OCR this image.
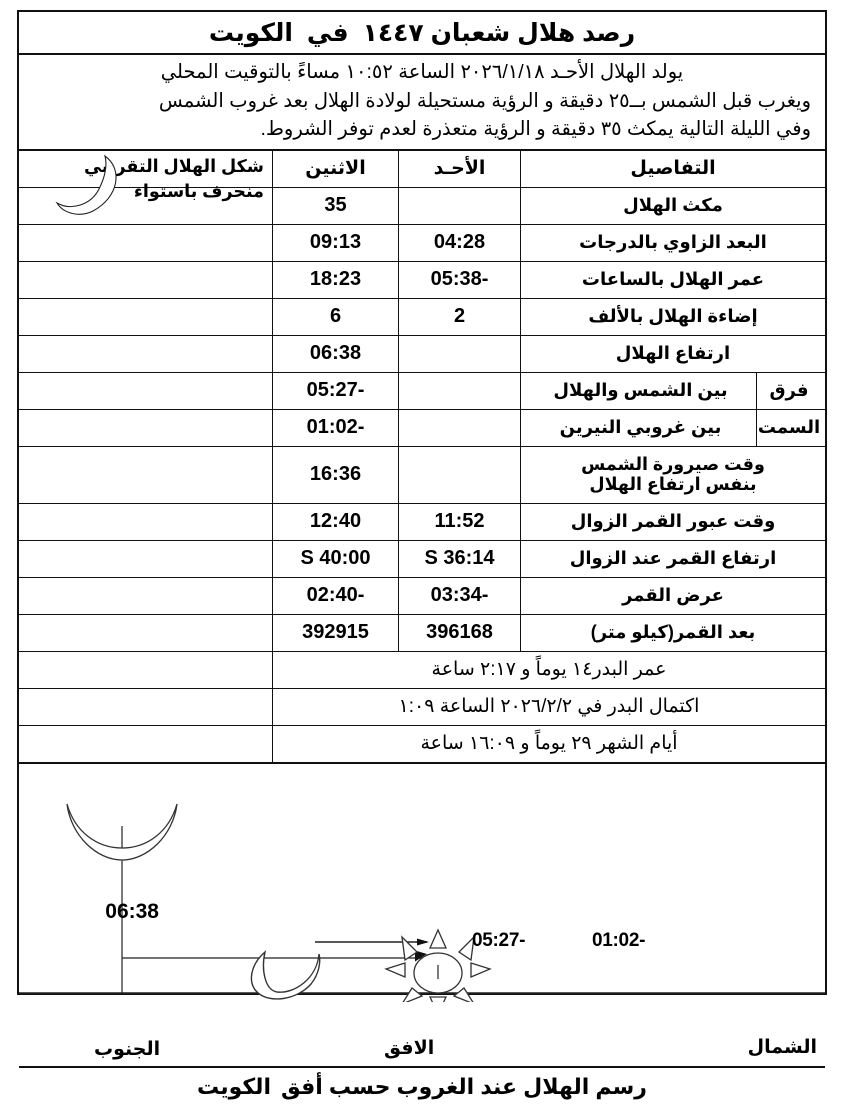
رصد هلال شعبان ١٤٤٧
في
الكويت
يولد الهلال الأحـد ٢٠٢٦/١/١٨ الساعة ١٠:٥٢ مساءً بالتوقيت المحلي
ويغرب قبل الشمس بــ٢٥ دقيقة و الرؤية مستحيلة لولادة الهلال بعد غروب الشمس
وفي الليلة التالية يمكث ٣٥ دقيقة و الرؤية متعذرة لعدم توفر الشروط.
التفاصيل
الأحـد
الاثنين
شكل الهلال التقريبي
منحرف باستواء
مكث الهلال
35
البعد الزاوي بالدرجات
04:28
09:13
عمر الهلال بالساعات
-05:38
18:23
إضاءة الهلال بالألف
2
6
ارتفاع الهلال
06:38
فرق
بين الشمس والهلال
-05:27
السمت
بين غروبي النيرين
-01:02
وقت صيرورة الشمس
بنفس ارتفاع الهلال
16:36
وقت عبور القمر الزوال
11:52
12:40
ارتفاع القمر عند الزوال
36:14 S
40:00 S
عرض القمر
-03:34
-02:40
بعد القمر(كيلو متر)
396168
392915
عمر البدر١٤ يوماً و ٢:١٧ ساعة
اكتمال البدر في ٢٠٢٦/٢/٢ الساعة ١:٠٩
أيام الشهر ٢٩ يوماً و ١٦:٠٩ ساعة
06:38
-05:27	-01:02
الشمال
الافق
الجنوب
رسم الهلال عند الغروب حسب أفق
الكويت
